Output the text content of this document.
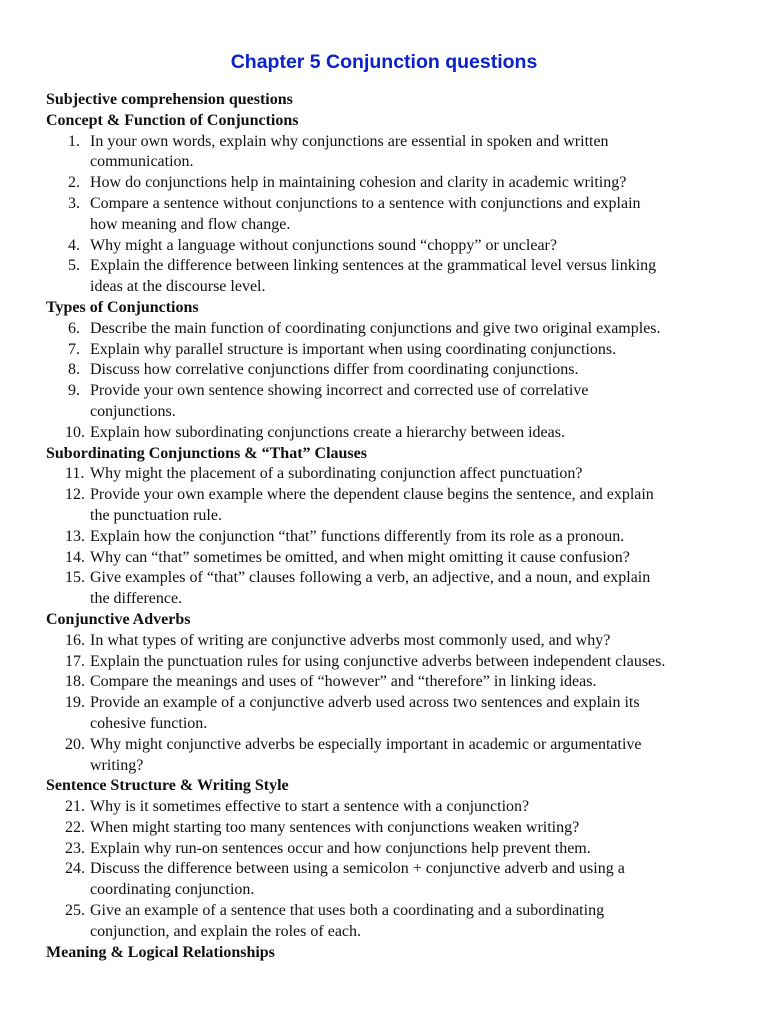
Chapter 5 Conjunction questions
Subjective comprehension questions
Concept & Function of Conjunctions
1. In your own words, explain why conjunctions are essential in spoken and written
communication.
2. How do conjunctions help in maintaining cohesion and clarity in academic writing?
3. Compare a sentence without conjunctions to a sentence with conjunctions and explain
how meaning and flow change.
4. Why might a language without conjunctions sound “choppy” or unclear?
5. Explain the difference between linking sentences at the grammatical level versus linking
ideas at the discourse level.
Types of Conjunctions
6. Describe the main function of coordinating conjunctions and give two original examples.
7. Explain why parallel structure is important when using coordinating conjunctions.
8. Discuss how correlative conjunctions differ from coordinating conjunctions.
9. Provide your own sentence showing incorrect and corrected use of correlative
conjunctions.
10. Explain how subordinating conjunctions create a hierarchy between ideas.
Subordinating Conjunctions & “That” Clauses
11. Why might the placement of a subordinating conjunction affect punctuation?
12. Provide your own example where the dependent clause begins the sentence, and explain
the punctuation rule.
13. Explain how the conjunction “that” functions differently from its role as a pronoun.
14. Why can “that” sometimes be omitted, and when might omitting it cause confusion?
15. Give examples of “that” clauses following a verb, an adjective, and a noun, and explain
the difference.
Conjunctive Adverbs
16. In what types of writing are conjunctive adverbs most commonly used, and why?
17. Explain the punctuation rules for using conjunctive adverbs between independent clauses.
18. Compare the meanings and uses of “however” and “therefore” in linking ideas.
19. Provide an example of a conjunctive adverb used across two sentences and explain its
cohesive function.
20. Why might conjunctive adverbs be especially important in academic or argumentative
writing?
Sentence Structure & Writing Style
21. Why is it sometimes effective to start a sentence with a conjunction?
22. When might starting too many sentences with conjunctions weaken writing?
23. Explain why run-on sentences occur and how conjunctions help prevent them.
24. Discuss the difference between using a semicolon + conjunctive adverb and using a
coordinating conjunction.
25. Give an example of a sentence that uses both a coordinating and a subordinating
conjunction, and explain the roles of each.
Meaning & Logical Relationships
